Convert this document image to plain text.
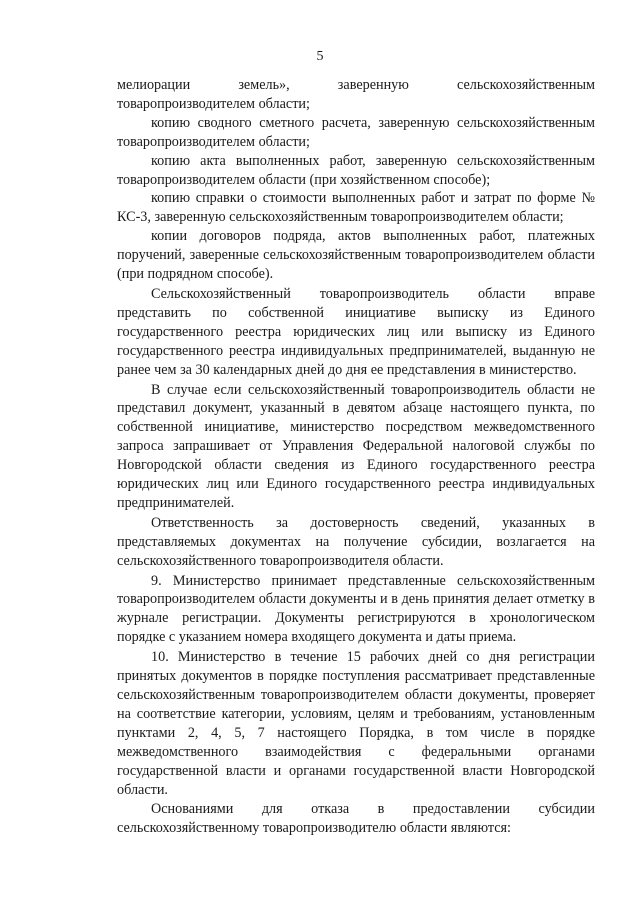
5

мелиорации земель», заверенную сельскохозяйственным товаропроизводителем области;

копию сводного сметного расчета, заверенную сельскохозяйственным товаропроизводителем области;

копию акта выполненных работ, заверенную сельскохозяйственным товаропроизводителем области (при хозяйственном способе);

копию справки о стоимости выполненных работ и затрат по форме № КС-3, заверенную сельскохозяйственным товаропроизводителем области;

копии договоров подряда, актов выполненных работ, платежных поручений, заверенные сельскохозяйственным товаропроизводителем области (при подрядном способе).

Сельскохозяйственный товаропроизводитель области вправе представить по собственной инициативе выписку из Единого государственного реестра юридических лиц или выписку из Единого государственного реестра индивидуальных предпринимателей, выданную не ранее чем за 30 календарных дней до дня ее представления в министерство.

В случае если сельскохозяйственный товаропроизводитель области не представил документ, указанный в девятом абзаце настоящего пункта, по собственной инициативе, министерство посредством межведомственного запроса запрашивает от Управления Федеральной налоговой службы по Новгородской области сведения из Единого государственного реестра юридических лиц или Единого государственного реестра индивидуальных предпринимателей.

Ответственность за достоверность сведений, указанных в представляемых документах на получение субсидии, возлагается на сельскохозяйственного товаропроизводителя области.

9. Министерство принимает представленные сельскохозяйственным товаропроизводителем области документы и в день принятия делает отметку в журнале регистрации. Документы регистрируются в хронологическом порядке с указанием номера входящего документа и даты приема.

10. Министерство в течение 15 рабочих дней со дня регистрации принятых документов в порядке поступления рассматривает представленные сельскохозяйственным товаропроизводителем области документы, проверяет на соответствие категории, условиям, целям и требованиям, установленным пунктами 2, 4, 5, 7 настоящего Порядка, в том числе в порядке межведомственного взаимодействия с федеральными органами государственной власти и органами государственной власти Новгородской области.

Основаниями для отказа в предоставлении субсидии сельскохозяйственному товаропроизводителю области являются:
